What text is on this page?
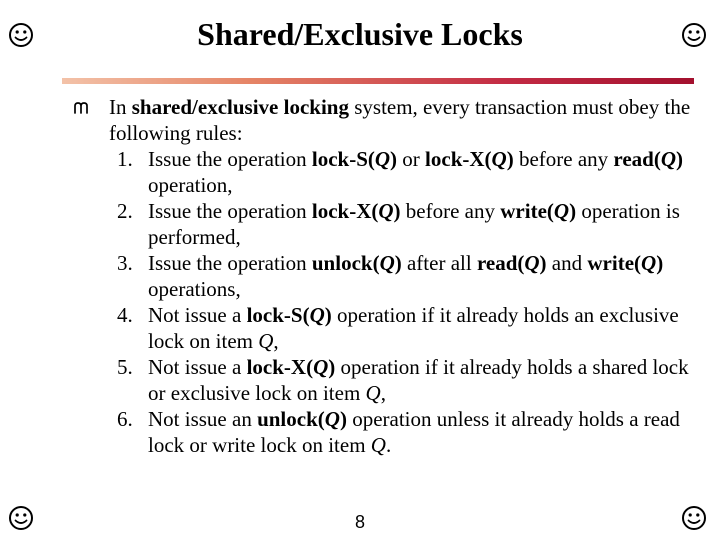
Shared/Exclusive Locks

In shared/exclusive locking system, every transaction must obey the following rules:

1. Issue the operation lock-S(Q) or lock-X(Q) before any read(Q) operation,
2. Issue the operation lock-X(Q) before any write(Q) operation is performed,
3. Issue the operation unlock(Q) after all read(Q) and write(Q) operations,
4. Not issue a lock-S(Q) operation if it already holds an exclusive lock on item Q,
5. Not issue a lock-X(Q) operation if it already holds a shared lock or exclusive lock on item Q,
6. Not issue an unlock(Q) operation unless it already holds a read lock or write lock on item Q.
8
